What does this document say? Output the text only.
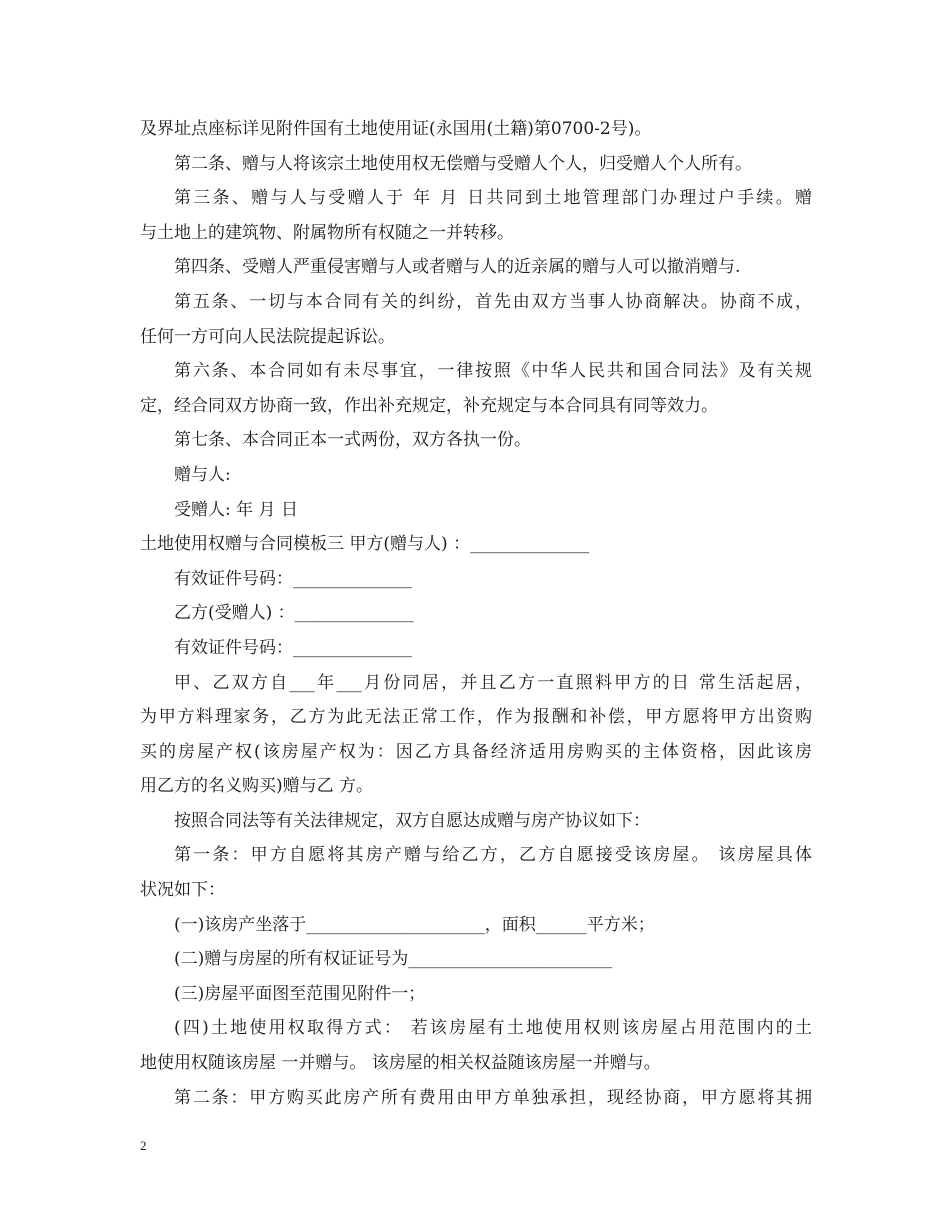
及界址点座标详见附件国有土地使用证(永国用(土籍)第0700-2号)。

第二条、赠与人将该宗土地使用权无偿赠与受赠人个人，归受赠人个人所有。

第三条、赠与人与受赠人于 年 月 日共同到土地管理部门办理过户手续。赠

与土地上的建筑物、附属物所有权随之一并转移。

第四条、受赠人严重侵害赠与人或者赠与人的近亲属的赠与人可以撤消赠与.

第五条、一切与本合同有关的纠纷，首先由双方当事人协商解决。协商不成，

任何一方可向人民法院提起诉讼。

第六条、本合同如有未尽事宜，一律按照《中华人民共和国合同法》及有关规

定，经合同双方协商一致，作出补充规定，补充规定与本合同具有同等效力。

第七条、本合同正本一式两份，双方各执一份。

赠与人:

受赠人: 年 月 日

土地使用权赠与合同模板三 甲方(赠与人) ：______________

有效证件号码：______________

乙方(受赠人) ：______________

有效证件号码：______________

甲、乙双方自___年___月份同居，并且乙方一直照料甲方的日 常生活起居，

为甲方料理家务，乙方为此无法正常工作，作为报酬和补偿，甲方愿将甲方出资购

买的房屋产权(该房屋产权为：因乙方具备经济适用房购买的主体资格，因此该房

用乙方的名义购买)赠与乙 方。

按照合同法等有关法律规定，双方自愿达成赠与房产协议如下：

第一条：甲方自愿将其房产赠与给乙方，乙方自愿接受该房屋。 该房屋具体

状况如下：

(一)该房产坐落于_____________________，面积______平方米；

(二)赠与房屋的所有权证证号为________________________

(三)房屋平面图至范围见附件一；

(四)土地使用权取得方式： 若该房屋有土地使用权则该房屋占用范围内的土

地使用权随该房屋 一并赠与。 该房屋的相关权益随该房屋一并赠与。

第二条：甲方购买此房产所有费用由甲方单独承担，现经协商，甲方愿将其拥

2
